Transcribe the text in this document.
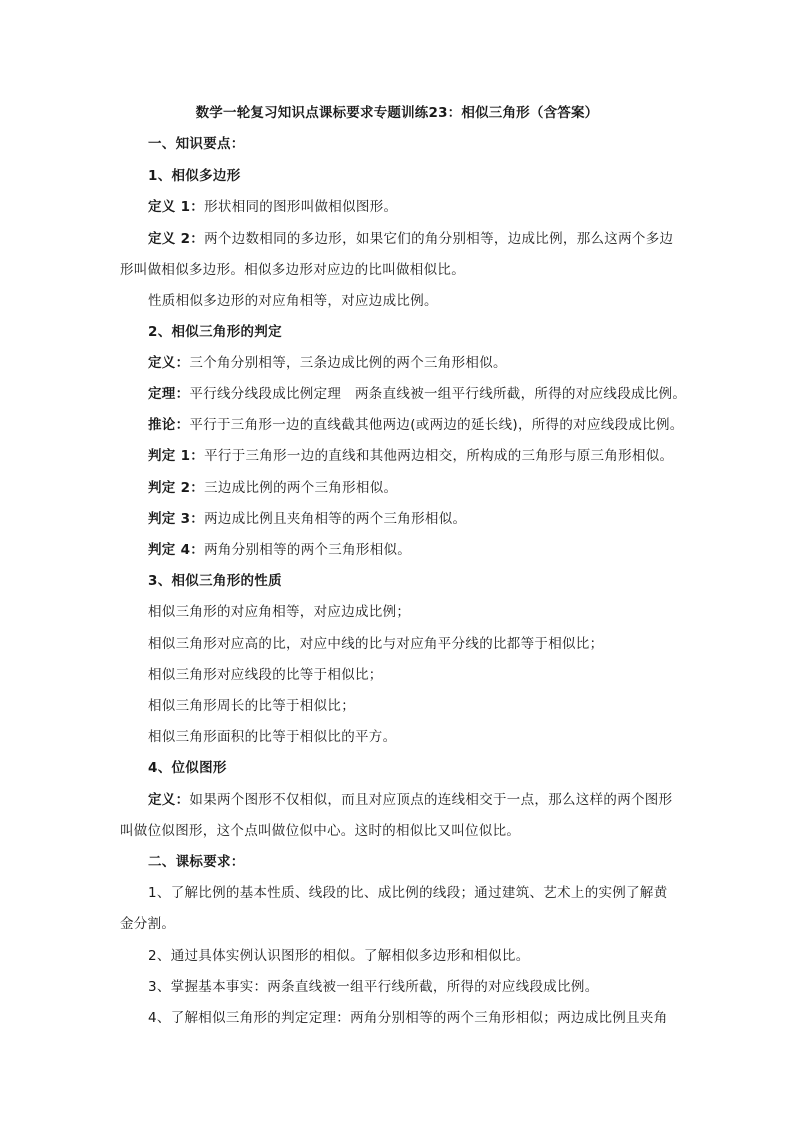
数学一轮复习知识点课标要求专题训练23：相似三角形（含答案）
一、知识要点：
1、相似多边形
定义 1：形状相同的图形叫做相似图形。
定义 2：两个边数相同的多边形，如果它们的角分别相等，边成比例，那么这两个多边
形叫做相似多边形。相似多边形对应边的比叫做相似比。
性质相似多边形的对应角相等，对应边成比例。
2、相似三角形的判定
定义：三个角分别相等，三条边成比例的两个三角形相似。
定理：平行线分线段成比例定理　两条直线被一组平行线所截，所得的对应线段成比例。
推论：平行于三角形一边的直线截其他两边(或两边的延长线)，所得的对应线段成比例。
判定 1：平行于三角形一边的直线和其他两边相交，所构成的三角形与原三角形相似。
判定 2：三边成比例的两个三角形相似。
判定 3：两边成比例且夹角相等的两个三角形相似。
判定 4：两角分别相等的两个三角形相似。
3、相似三角形的性质
相似三角形的对应角相等，对应边成比例；
相似三角形对应高的比，对应中线的比与对应角平分线的比都等于相似比；
相似三角形对应线段的比等于相似比；
相似三角形周长的比等于相似比；
相似三角形面积的比等于相似比的平方。
4、位似图形
定义：如果两个图形不仅相似，而且对应顶点的连线相交于一点，那么这样的两个图形
叫做位似图形，这个点叫做位似中心。这时的相似比又叫位似比。
二、课标要求：
1、了解比例的基本性质、线段的比、成比例的线段；通过建筑、艺术上的实例了解黄
金分割。
2、通过具体实例认识图形的相似。了解相似多边形和相似比。
3、掌握基本事实：两条直线被一组平行线所截，所得的对应线段成比例。
4、了解相似三角形的判定定理：两角分别相等的两个三角形相似；两边成比例且夹角
